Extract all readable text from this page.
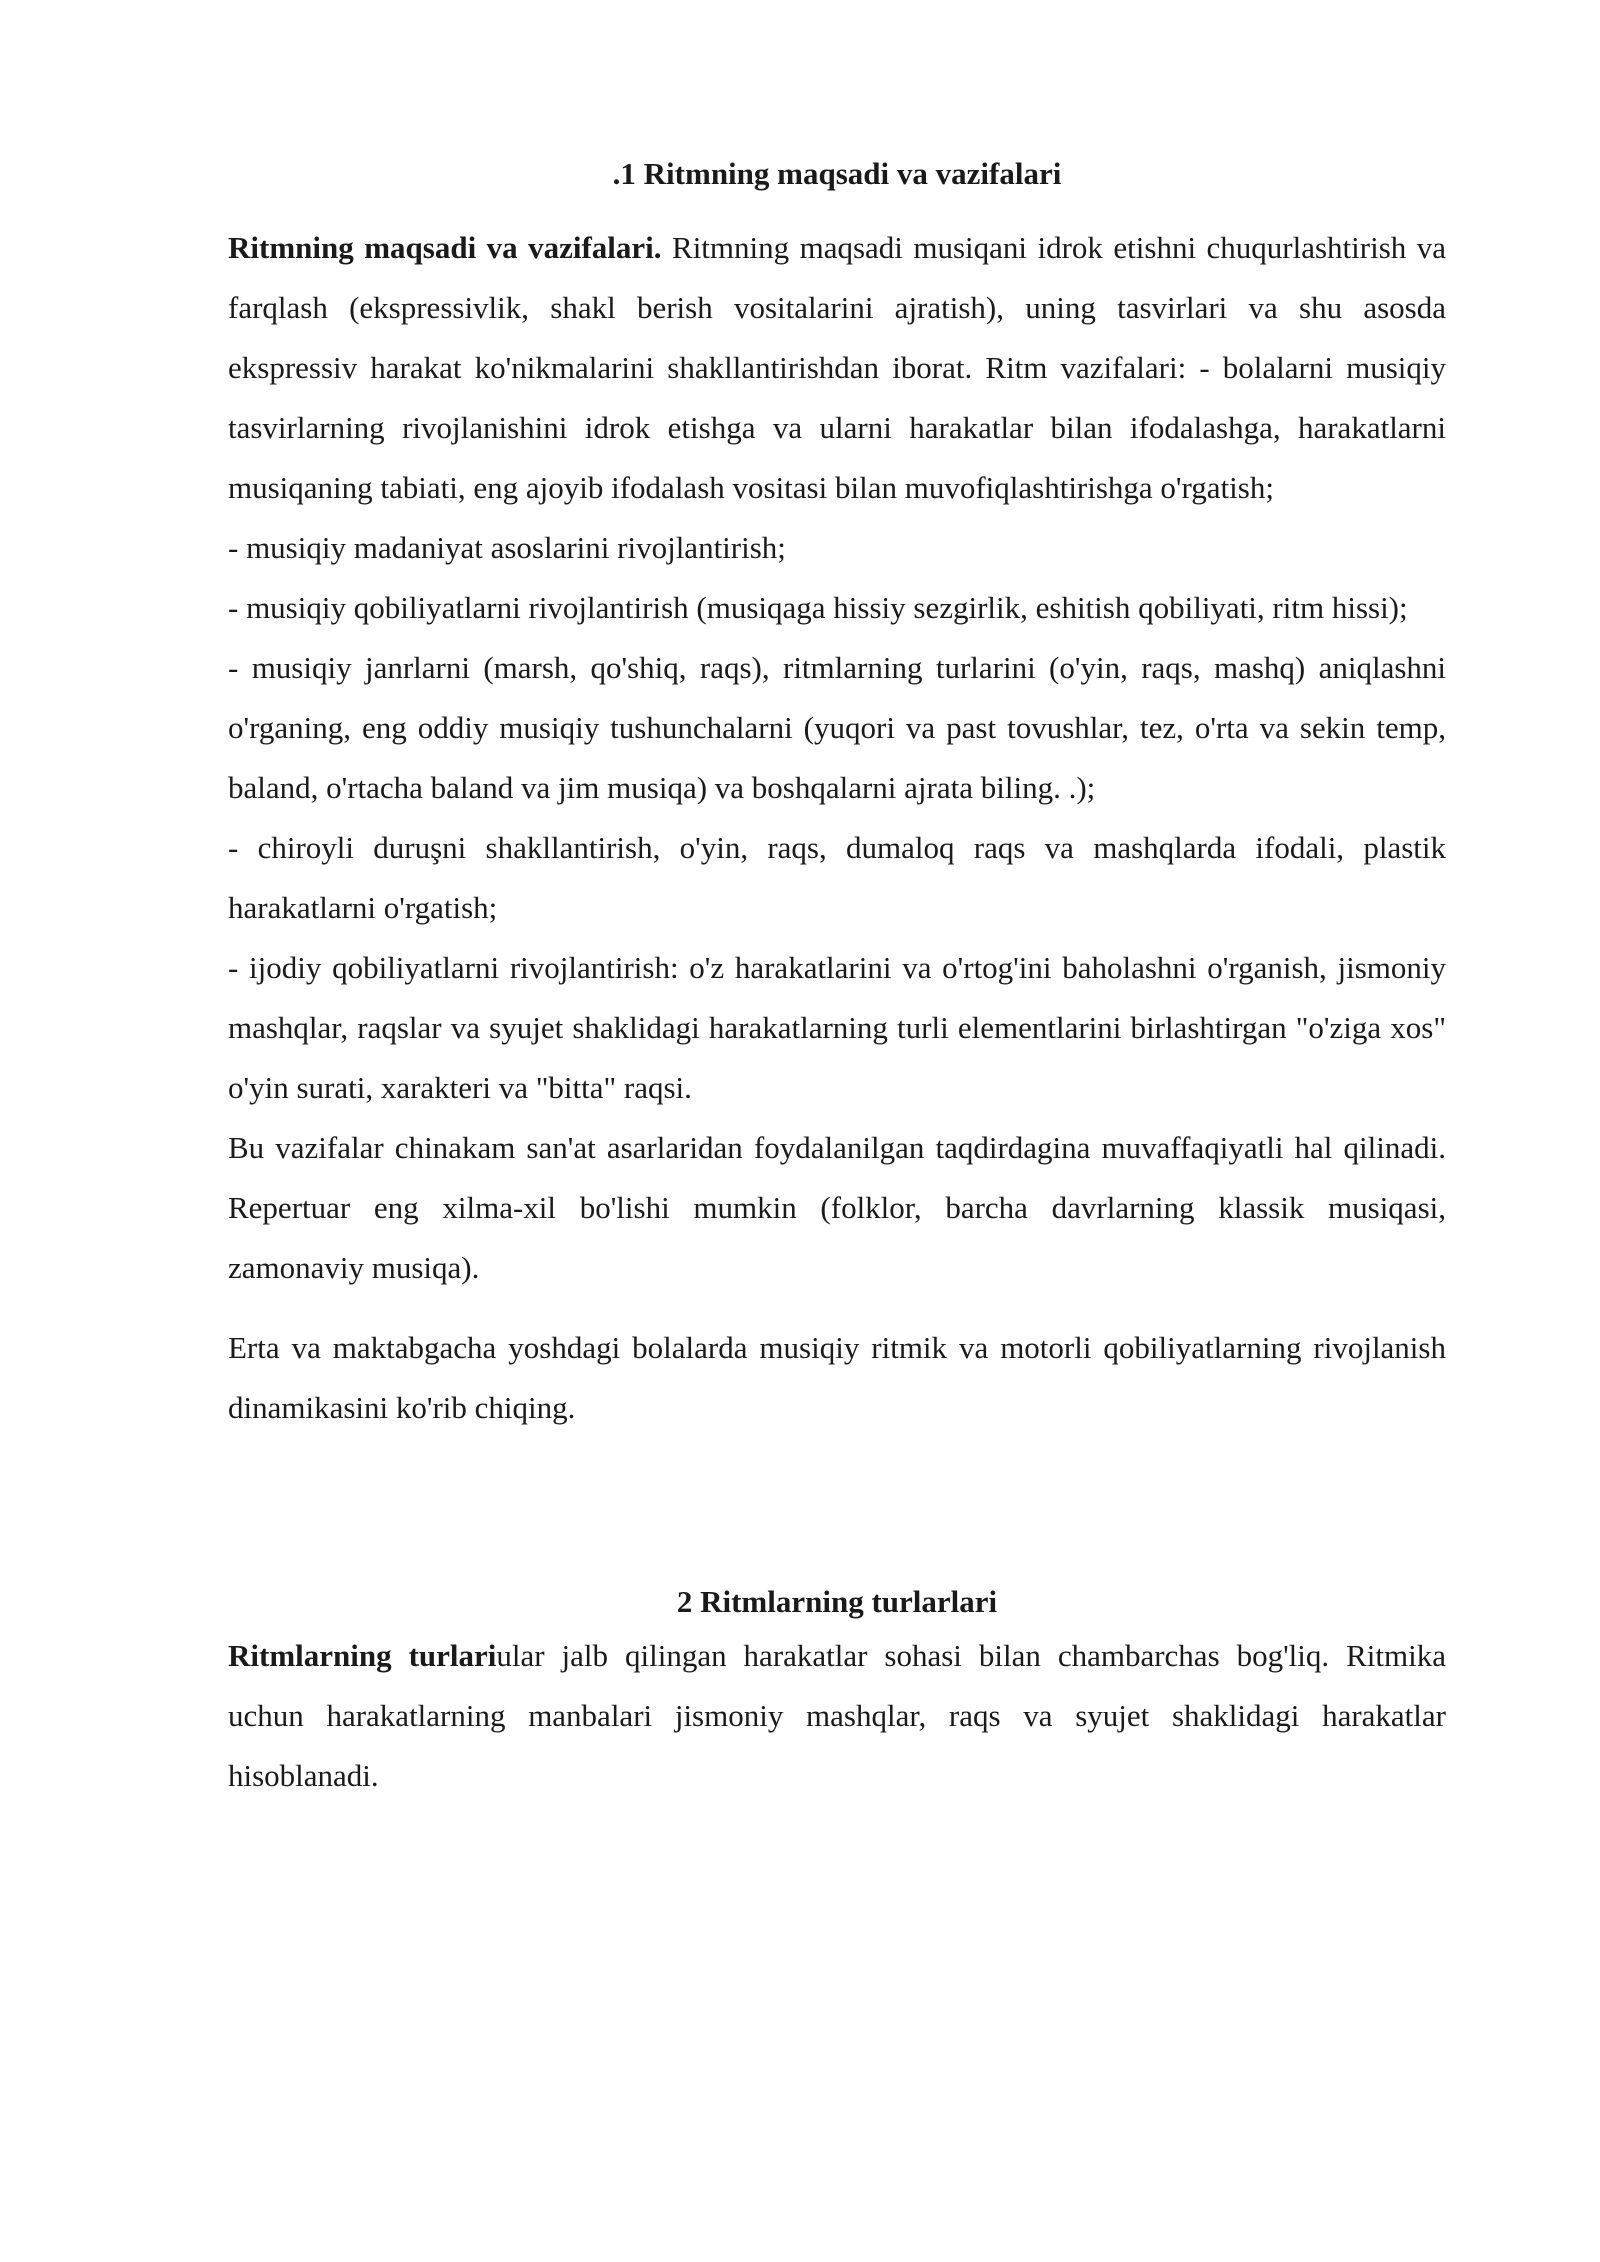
.1 Ritmning maqsadi va vazifalari

Ritmning maqsadi va vazifalari. Ritmning maqsadi musiqani idrok etishni chuqurlashtirish va farqlash (ekspressivlik, shakl berish vositalarini ajratish), uning tasvirlari va shu asosda ekspressiv harakat ko'nikmalarini shakllantirishdan iborat. Ritm vazifalari: - bolalarni musiqiy tasvirlarning rivojlanishini idrok etishga va ularni harakatlar bilan ifodalashga, harakatlarni musiqaning tabiati, eng ajoyib ifodalash vositasi bilan muvofiqlashtirishga o'rgatish;

- musiqiy madaniyat asoslarini rivojlantirish;

- musiqiy qobiliyatlarni rivojlantirish (musiqaga hissiy sezgirlik, eshitish qobiliyati, ritm hissi);

- musiqiy janrlarni (marsh, qo'shiq, raqs), ritmlarning turlarini (o'yin, raqs, mashq) aniqlashni o'rganing, eng oddiy musiqiy tushunchalarni (yuqori va past tovushlar, tez, o'rta va sekin temp, baland, o'rtacha baland va jim musiqa) va boshqalarni ajrata biling. .);

- chiroyli duruşni shakllantirish, o'yin, raqs, dumaloq raqs va mashqlarda ifodali, plastik harakatlarni o'rgatish;

- ijodiy qobiliyatlarni rivojlantirish: o'z harakatlarini va o'rtog'ini baholashni o'rganish, jismoniy mashqlar, raqslar va syujet shaklidagi harakatlarning turli elementlarini birlashtirgan "o'ziga xos" o'yin surati, xarakteri va "bitta" raqsi.

Bu vazifalar chinakam san'at asarlaridan foydalanilgan taqdirdagina muvaffaqiyatli hal qilinadi. Repertuar eng xilma-xil bo'lishi mumkin (folklor, barcha davrlarning klassik musiqasi, zamonaviy musiqa).

Erta va maktabgacha yoshdagi bolalarda musiqiy ritmik va motorli qobiliyatlarning rivojlanish dinamikasini ko'rib chiqing.

2 Ritmlarning turlarlari

Ritmlarning turlariular jalb qilingan harakatlar sohasi bilan chambarchas bog'liq. Ritmika uchun harakatlarning manbalari jismoniy mashqlar, raqs va syujet shaklidagi harakatlar hisoblanadi.
